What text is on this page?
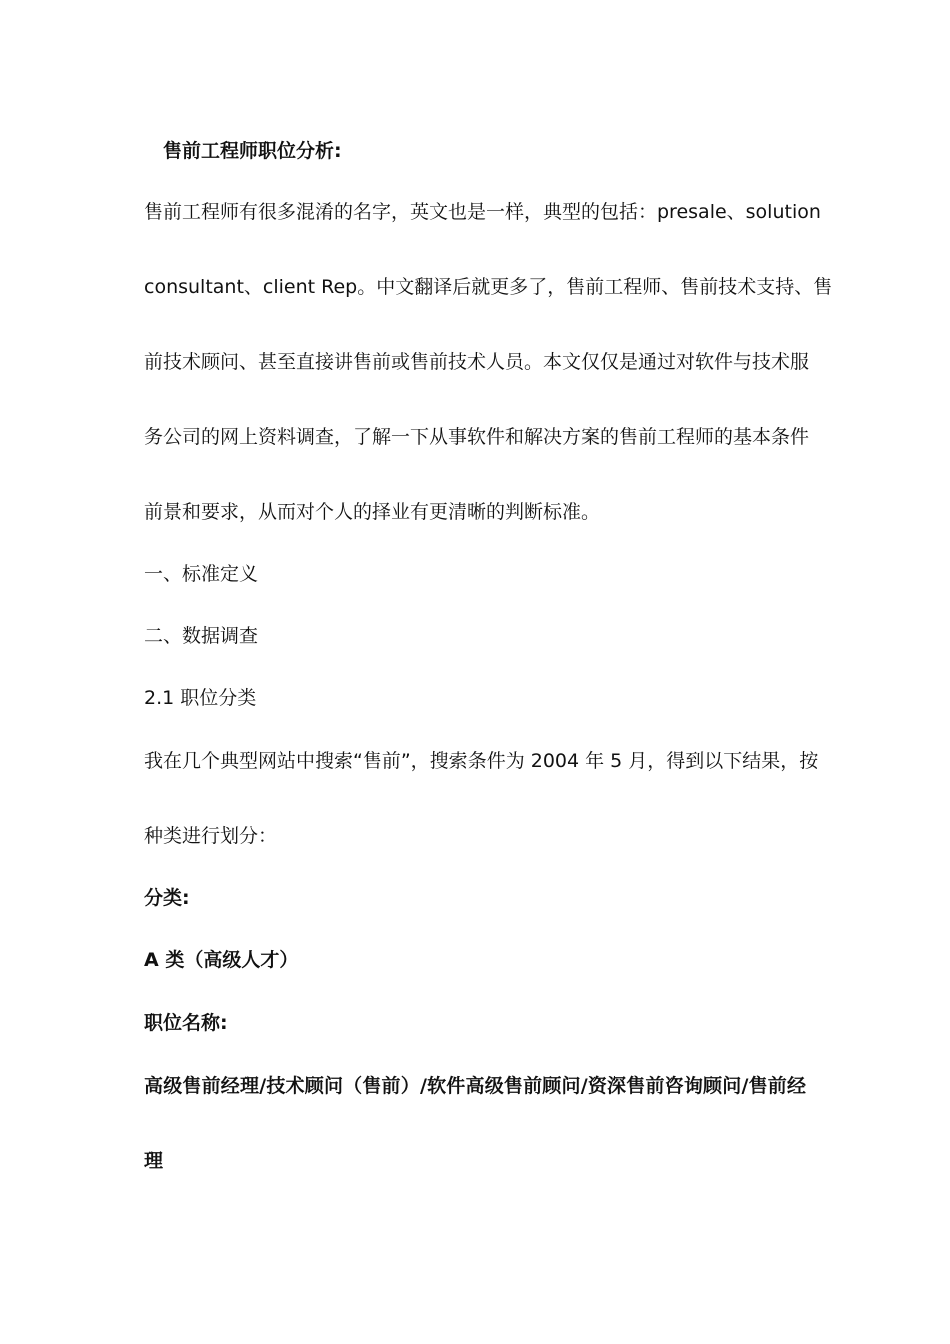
售前工程师职位分析:
售前工程师有很多混淆的名字，英文也是一样，典型的包括：presale、solution
consultant、client Rep。中文翻译后就更多了，售前工程师、售前技术支持、售
前技术顾问、甚至直接讲售前或售前技术人员。本文仅仅是通过对软件与技术服
务公司的网上资料调查，了解一下从事软件和解决方案的售前工程师的基本条件
前景和要求，从而对个人的择业有更清晰的判断标准。
一、标准定义
二、数据调查
2.1 职位分类
我在几个典型网站中搜索“售前”，搜索条件为 2004 年 5 月，得到以下结果，按
种类进行划分：
分类:
A 类（高级人才）
职位名称:
高级售前经理/技术顾问（售前）/软件高级售前顾问/资深售前咨询顾问/售前经
理
